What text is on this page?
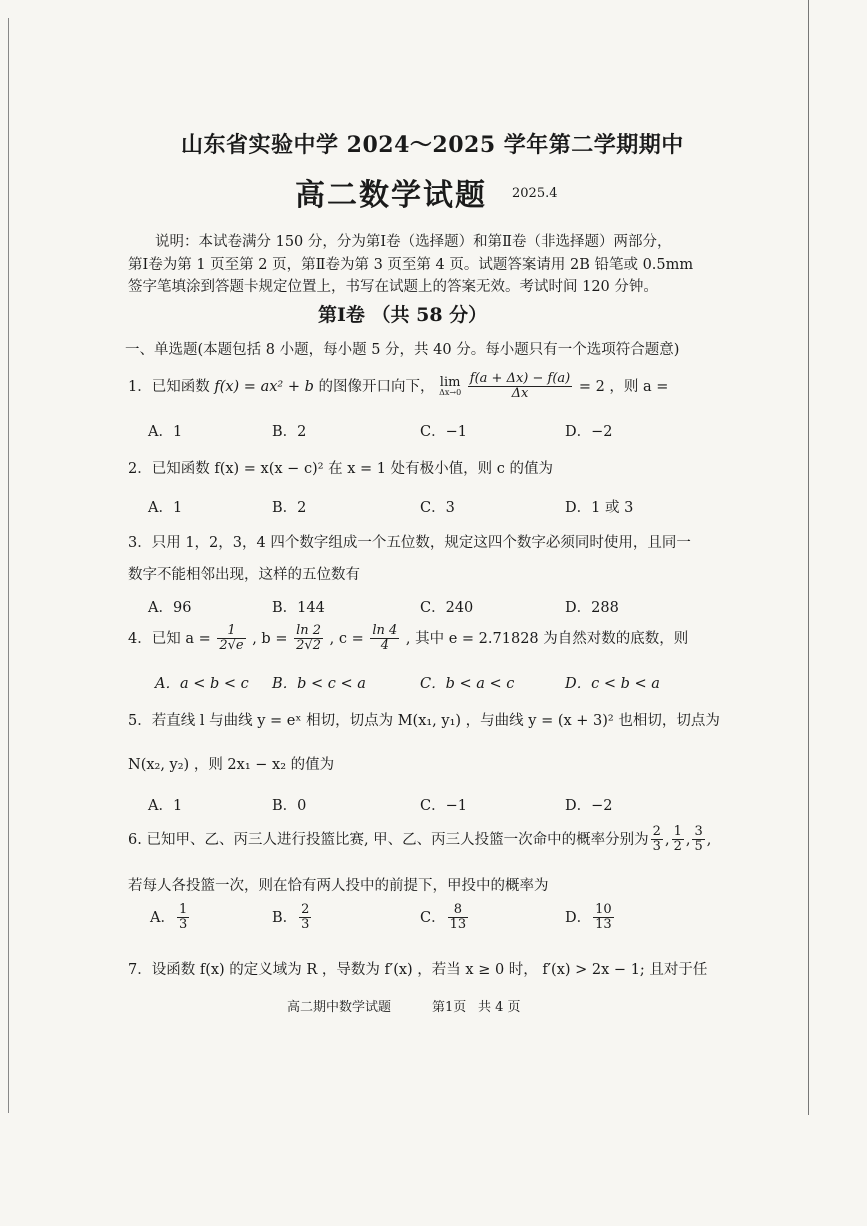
山东省实验中学 2024～2025 学年第二学期期中
高二数学试题 2025.4
说明：本试卷满分 150 分，分为第Ⅰ卷（选择题）和第Ⅱ卷（非选择题）两部分，
第Ⅰ卷为第 1 页至第 2 页，第Ⅱ卷为第 3 页至第 4 页。试题答案请用 2B 铅笔或 0.5mm
签字笔填涂到答题卡规定位置上，书写在试题上的答案无效。考试时间 120 分钟。
第Ⅰ卷 （共 58 分）
一、单选题(本题包括 8 小题，每小题 5 分，共 40 分。每小题只有一个选项符合题意)
1．已知函数 f(x) = ax² + b 的图像开口向下， lim
Δx→0
$\frac{f(a + \Delta x) - f(a)}{\Delta x} = 2$ ，则 a =
A．1	B．2	C．−1	D．−2
2．已知函数 f(x) = x(x − c)² 在 x = 1 处有极小值，则 c 的值为
A．1	B．2	C．3	D．1 或 3
3．只用 1，2，3，4 四个数字组成一个五位数，规定这四个数字必须同时使用，且同一
数字不能相邻出现，这样的五位数有
A．96	B．144	C．240	D．288
4．已知 $a = \frac{1}{2√e}$ , $b = \frac{\ln 2}{2√2}$ , $c = \frac{\ln 4}{4}$ , 其中 e = 2.71828 为自然对数的底数，则
A．a < b < c B．b < c < a	C．b < a < c	D．c < b < a
5．若直线 l 与曲线 y = eˣ 相切，切点为 M(x₁, y₁) ，与曲线 y = (x + 3)² 也相切，切点为
N(x₂, y₂) ，则 2x₁ − x₂ 的值为
A．1	B．0	C．−1	D．−2
6. 已知甲、乙、丙三人进行投篮比赛, 甲、乙、丙三人投篮一次命中的概率分别为 $\frac{2}{3}$ , $\frac{1}{2}$ , $\frac{3}{5}$ ,
若每人各投篮一次，则在恰有两人投中的前提下，甲投中的概率为
A． $\frac{1}{3}$	B． $\frac{2}{3}$	C． $\frac{8}{13}$	D． $\frac{10}{13}$
7．设函数 f(x) 的定义域为 R ，导数为 f′(x) ，若当 x ≥ 0 时， f′(x) > 2x − 1; 且对于任
高二期中数学试题	第1页 共 4 页
